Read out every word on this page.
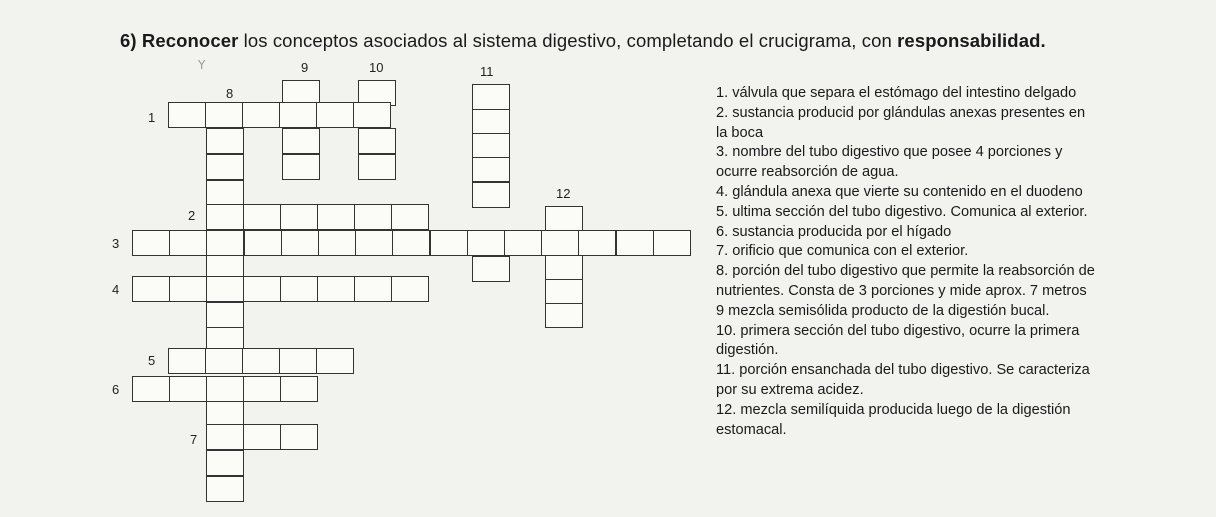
6) Reconocer los conceptos asociados al sistema digestivo, completando el crucigrama, con responsabilidad.
Y
1
2
3
4
5
6
7
8
9	10	11
12
1. válvula que separa el estómago del intestino delgado
2. sustancia producid por glándulas anexas presentes en
la boca
3. nombre del tubo digestivo que posee 4 porciones y
ocurre reabsorción de agua.
4. glándula anexa que vierte su contenido en el duodeno
5. ultima sección del tubo digestivo. Comunica al exterior.
6. sustancia producida por el hígado
7. orificio que comunica con el exterior.
8. porción del tubo digestivo que permite la reabsorción de
nutrientes. Consta de 3 porciones y mide aprox. 7 metros
9 mezcla semisólida producto de la digestión bucal.
10. primera sección del tubo digestivo, ocurre la primera
digestión.
11. porción ensanchada del tubo digestivo. Se caracteriza
por su extrema acidez.
12. mezcla semilíquida producida luego de la digestión
estomacal.
